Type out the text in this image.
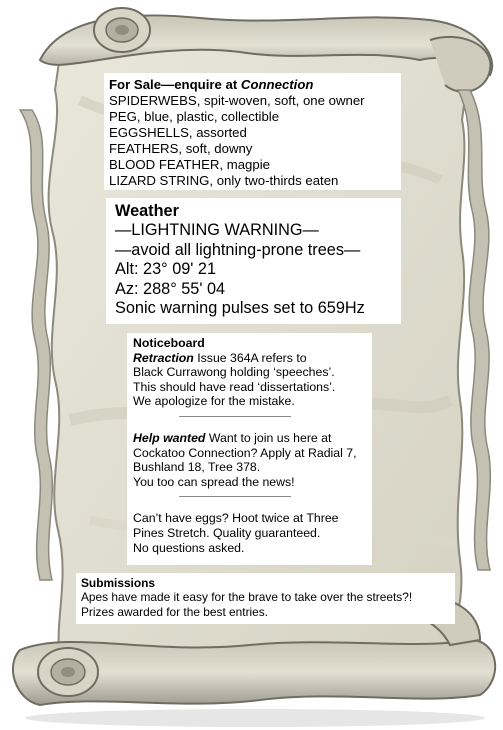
For Sale—enquire at Connection
SPIDERWEBS, spit-woven, soft, one owner
PEG, blue, plastic, collectible
EGGSHELLS, assorted
FEATHERS, soft, downy
BLOOD FEATHER, magpie
LIZARD STRING, only two-thirds eaten
Weather
—LIGHTNING WARNING—
—avoid all lightning-prone trees—
Alt: 23° 09' 21
Az: 288° 55' 04
Sonic warning pulses set to 659Hz
Noticeboard
Retraction Issue 364A refers to
Black Currawong holding ‘speeches’.
This should have read ‘dissertations’.
We apologize for the mistake.
Help wanted Want to join us here at
Cockatoo Connection? Apply at Radial 7,
Bushland 18, Tree 378.
You too can spread the news!
Can’t have eggs? Hoot twice at Three
Pines Stretch. Quality guaranteed.
No questions asked.
Submissions
Apes have made it easy for the brave to take over the streets?!
Prizes awarded for the best entries.
